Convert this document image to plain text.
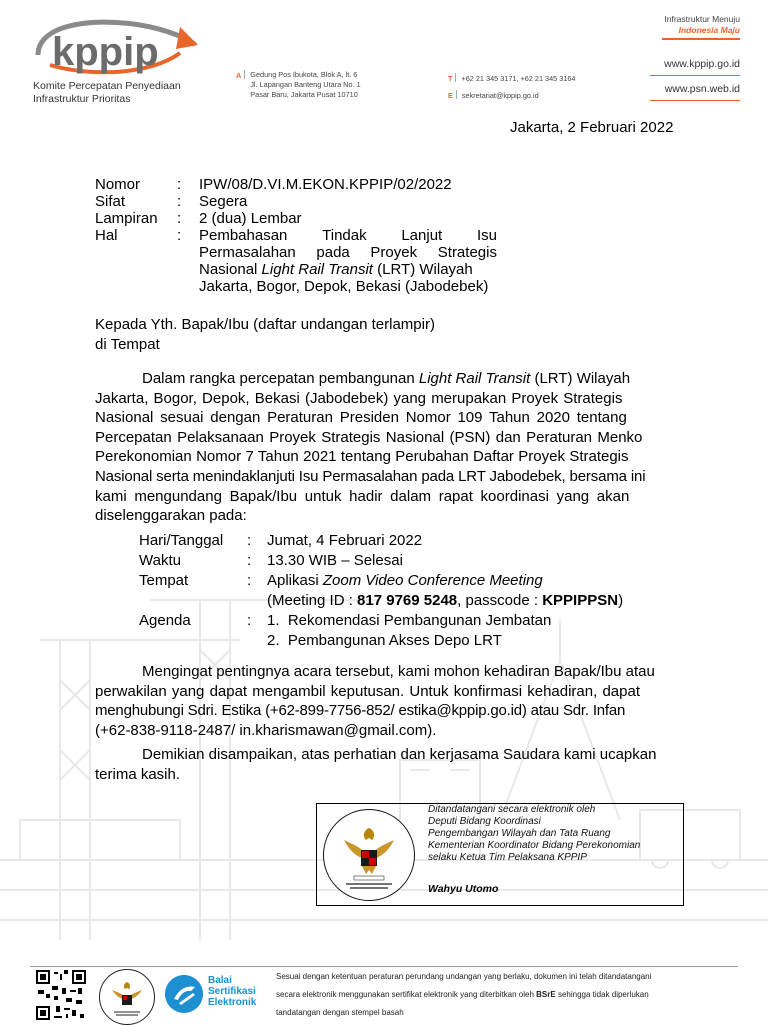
kppip
Komite Percepatan Penyediaan
Infrastruktur Prioritas
A	Gedung Pos Ibukota, Blok A, lt. 6
Jl. Lapangan Banteng Utara No. 1
Pasar Baru, Jakarta Pusat 10710
T +62 21 345 3171, +62 21 345 3164
E sekretariat@kppip.go.id
Infrastruktur Menuju
Indonesia Maju
www.kppip.go.id
www.psn.web.id
Jakarta, 2 Februari 2022
Nomor : IPW/08/D.VI.M.EKON.KPPIP/02/2022
Sifat	: Segera
Lampiran : 2 (dua) Lembar
Hal	: Pembahasan Tindak Lanjut Isu
Permasalahan pada Proyek Strategis
Nasional Light Rail Transit (LRT) Wilayah
Jakarta, Bogor, Depok, Bekasi (Jabodebek)
Kepada Yth. Bapak/Ibu (daftar undangan terlampir)
di Tempat
Dalam rangka percepatan pembangunan Light Rail Transit (LRT) Wilayah
Jakarta, Bogor, Depok, Bekasi (Jabodebek) yang merupakan Proyek Strategis
Nasional sesuai dengan Peraturan Presiden Nomor 109 Tahun 2020 tentang
Percepatan Pelaksanaan Proyek Strategis Nasional (PSN) dan Peraturan Menko
Perekonomian Nomor 7 Tahun 2021 tentang Perubahan Daftar Proyek Strategis
Nasional serta menindaklanjuti Isu Permasalahan pada LRT Jabodebek, bersama ini
kami mengundang Bapak/Ibu untuk hadir dalam rapat koordinasi yang akan
diselenggarakan pada:
Hari/Tanggal : Jumat, 4 Februari 2022
Waktu	: 13.30 WIB – Selesai
Tempat	: Aplikasi Zoom Video Conference Meeting
(Meeting ID : 817 9769 5248, passcode : KPPIPPSN)
Agenda	: 1.  Rekomendasi Pembangunan Jembatan
2.  Pembangunan Akses Depo LRT
Mengingat pentingnya acara tersebut, kami mohon kehadiran Bapak/Ibu atau
perwakilan yang dapat mengambil keputusan. Untuk konfirmasi kehadiran, dapat
menghubungi Sdri. Estika (+62-899-7756-852/ estika@kppip.go.id) atau Sdr. Infan
(+62-838-9118-2487/ in.kharismawan@gmail.com).
Demikian disampaikan, atas perhatian dan kerjasama Saudara kami ucapkan
terima kasih.
Ditandatangani secara elektronik oleh
Deputi Bidang Koordinasi
Pengembangan Wilayah dan Tata Ruang
Kementerian Koordinator Bidang Perekonomian
selaku Ketua Tim Pelaksana KPPIP
Wahyu Utomo
Balai
Sertifikasi
Elektronik
Sesuai dengan ketentuan peraturan perundang undangan yang berlaku, dokumen ini telah ditandatangani
secara elektronik menggunakan sertifikat elektronik yang diterbitkan oleh BSrE sehingga tidak diperlukan
tandatangan dengan stempel basah
